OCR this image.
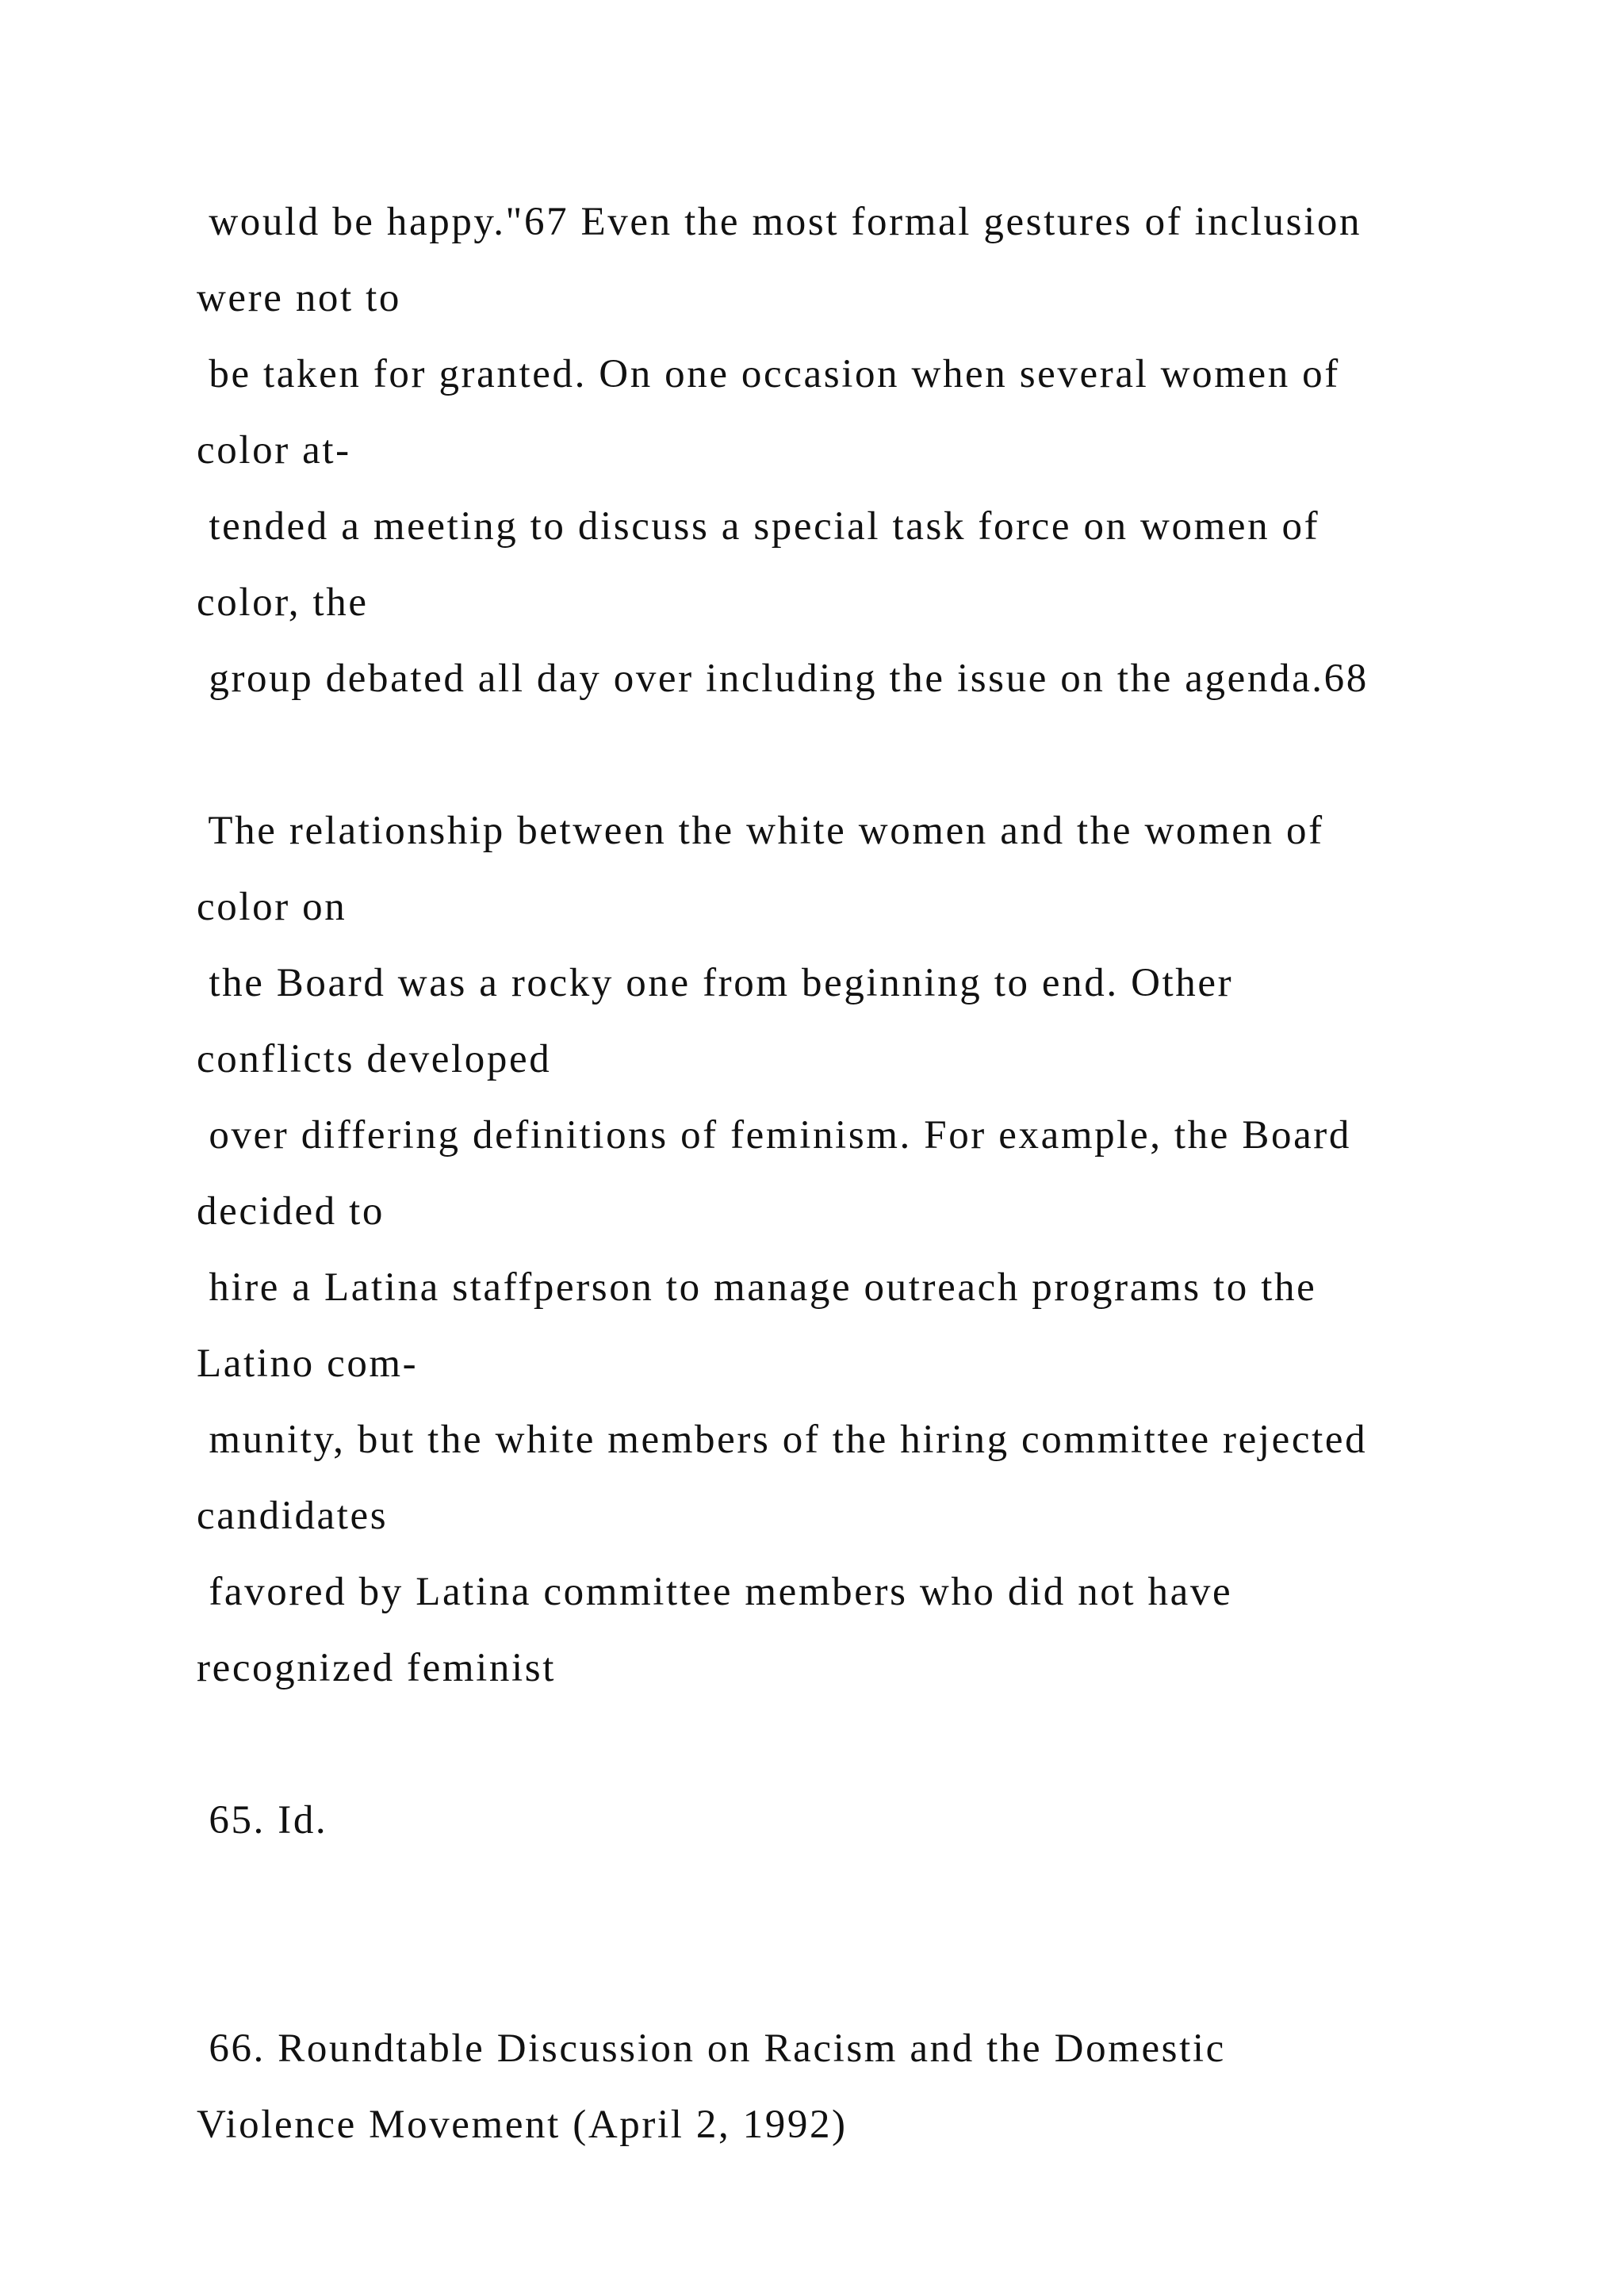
would be happy."67 Even the most formal gestures of inclusion
were not to
be taken for granted. On one occasion when several women of
color at-
tended a meeting to discuss a special task force on women of
color, the
group debated all day over including the issue on the agenda.68
The relationship between the white women and the women of
color on
the Board was a rocky one from beginning to end. Other
conflicts developed
over differing definitions of feminism. For example, the Board
decided to
hire a Latina staffperson to manage outreach programs to the
Latino com-
munity, but the white members of the hiring committee rejected
candidates
favored by Latina committee members who did not have
recognized feminist
65. Id.
66. Roundtable Discussion on Racism and the Domestic
Violence Movement (April 2, 1992)
